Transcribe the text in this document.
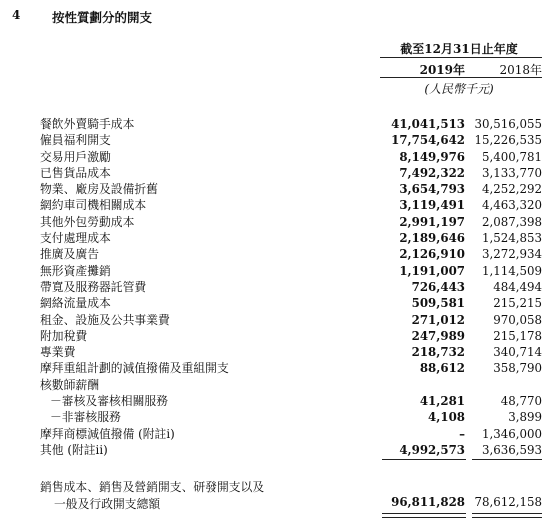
4	按性質劃分的開支
截至12月31日止年度
2019年	2018年
(人民幣千元)
餐飲外賣騎手成本	41,041,513 30,516,055
僱員福利開支	17,754,642 15,226,535
交易用戶激勵	8,149,976	5,400,781
已售貨品成本	7,492,322	3,133,770
物業、廠房及設備折舊	3,654,793	4,252,292
網約車司機相關成本	3,119,491	4,463,320
其他外包勞動成本	2,991,197	2,087,398
支付處理成本	2,189,646	1,524,853
推廣及廣告	2,126,910	3,272,934
無形資產攤銷	1,191,007	1,114,509
帶寬及服務器託管費	726,443	484,494
網絡流量成本	509,581	215,215
租金、設施及公共事業費	271,012	970,058
附加稅費	247,989	215,178
專業費	218,732	340,714
摩拜重組計劃的減值撥備及重組開支	88,612	358,790
核數師薪酬
－審核及審核相關服務	41,281	48,770
－非審核服務	4,108	3,899
摩拜商標減值撥備 (附註i)	–	1,346,000
其他 (附註ii)	4,992,573	3,636,593
銷售成本、銷售及營銷開支、研發開支以及
一般及行政開支總額	96,811,828 78,612,158
